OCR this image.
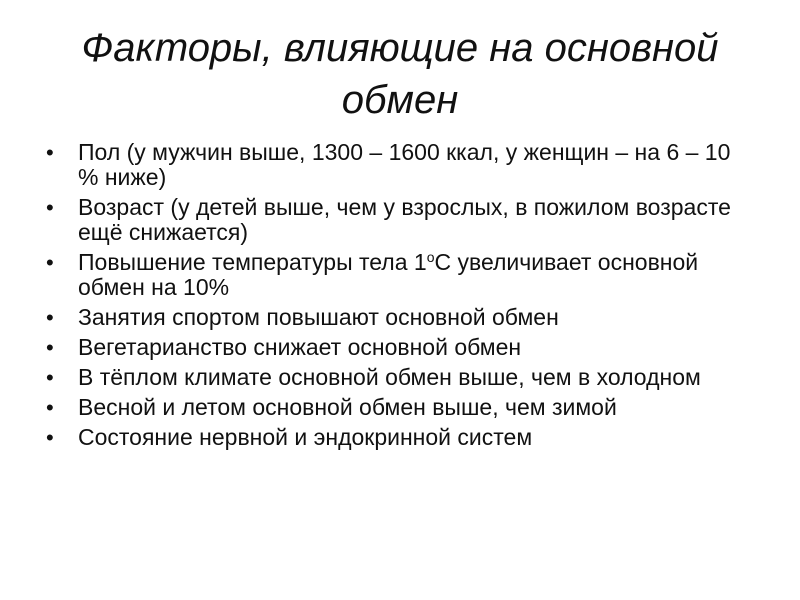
Факторы, влияющие на основной обмен
• Пол (у мужчин выше, 1300 – 1600 ккал, у женщин – на 6 – 10 % ниже)
• Возраст (у детей выше, чем у взрослых, в пожилом возрасте ещё снижается)
• Повышение температуры тела $1^оС$ увеличивает основной обмен на 10%
• Занятия спортом повышают основной обмен
• Вегетарианство снижает основной обмен
• В тёплом климате основной обмен выше, чем в холодном
• Весной и летом основной обмен выше, чем зимой
• Состояние нервной и эндокринной систем
